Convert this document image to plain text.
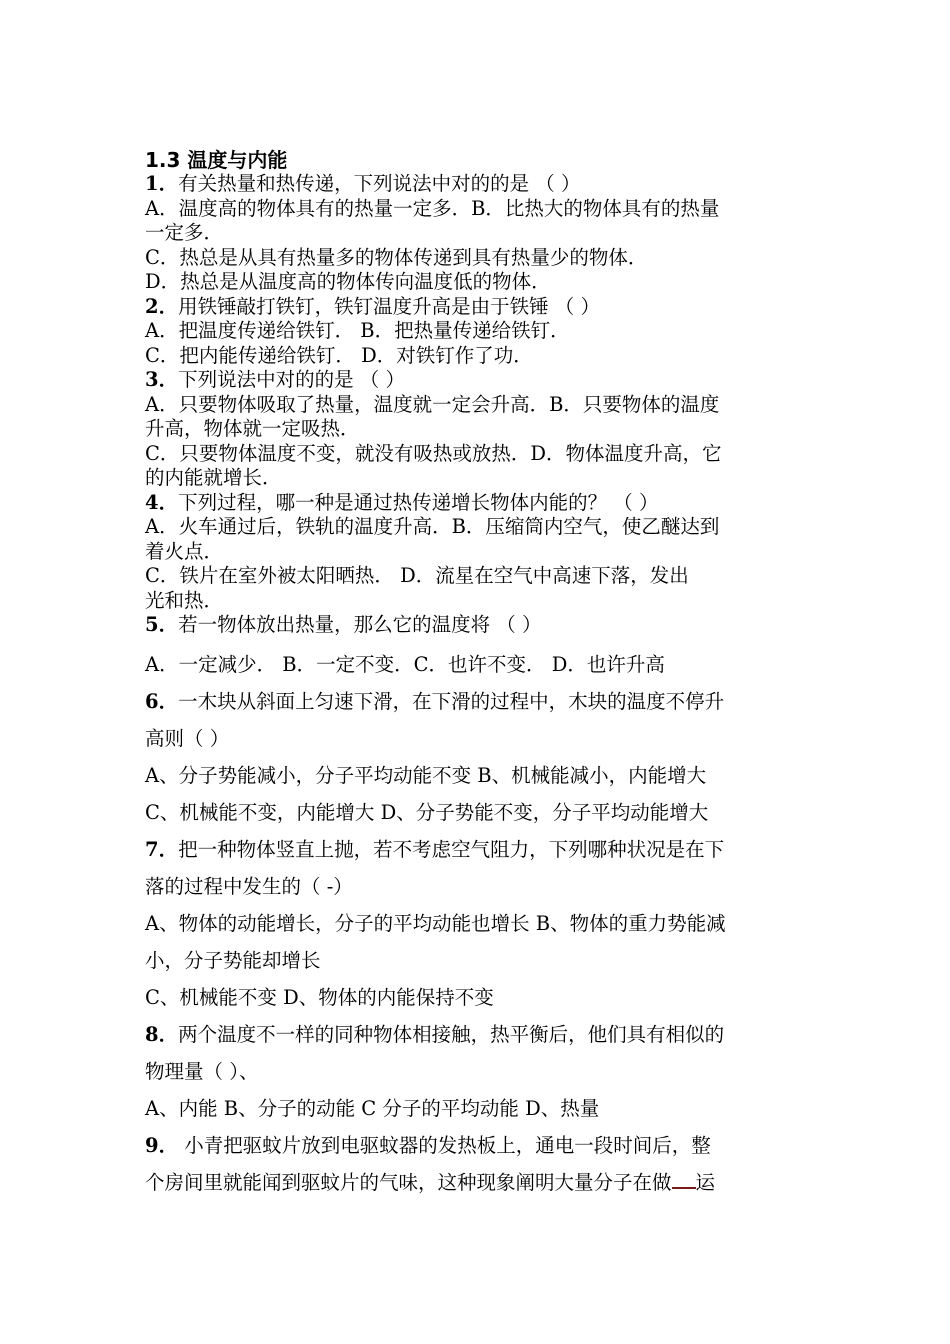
1.3 温度与内能
1．有关热量和热传递，下列说法中对的的是 （ ）
A．温度高的物体具有的热量一定多．B．比热大的物体具有的热量
一定多．
C．热总是从具有热量多的物体传递到具有热量少的物体．
D．热总是从温度高的物体传向温度低的物体．
2．用铁锤敲打铁钉，铁钉温度升高是由于铁锤 （ ）
A．把温度传递给铁钉． B．把热量传递给铁钉．
C．把内能传递给铁钉． D．对铁钉作了功．
3．下列说法中对的的是 （ ）
A．只要物体吸取了热量，温度就一定会升高．B．只要物体的温度
升高，物体就一定吸热．
C．只要物体温度不变，就没有吸热或放热．D．物体温度升高，它
的内能就增长．
4．下列过程，哪一种是通过热传递增长物体内能的？ （ ）
A．火车通过后，铁轨的温度升高．B．压缩筒内空气，使乙醚达到
着火点．
C．铁片在室外被太阳晒热． D．流星在空气中高速下落，发出
光和热．
5．若一物体放出热量，那么它的温度将 （ ）
A．一定减少． B．一定不变．C．也许不变． D．也许升高
6．一木块从斜面上匀速下滑，在下滑的过程中，木块的温度不停升
高则（ ）
A、分子势能减小，分子平均动能不变 B、机械能减小，内能增大
C、机械能不变，内能增大 D、分子势能不变，分子平均动能增大
7．把一种物体竖直上抛，若不考虑空气阻力，下列哪种状况是在下
落的过程中发生的（ -）
A、物体的动能增长，分子的平均动能也增长 B、物体的重力势能减
小，分子势能却增长
C、机械能不变 D、物体的内能保持不变
8．两个温度不一样的同种物体相接触，热平衡后，他们具有相似的
物理量（ ）、
A、内能 B、分子的动能 C 分子的平均动能 D、热量
9． 小青把驱蚊片放到电驱蚊器的发热板上，通电一段时间后，整
个房间里就能闻到驱蚊片的气味，这种现象阐明大量分子在做 运
